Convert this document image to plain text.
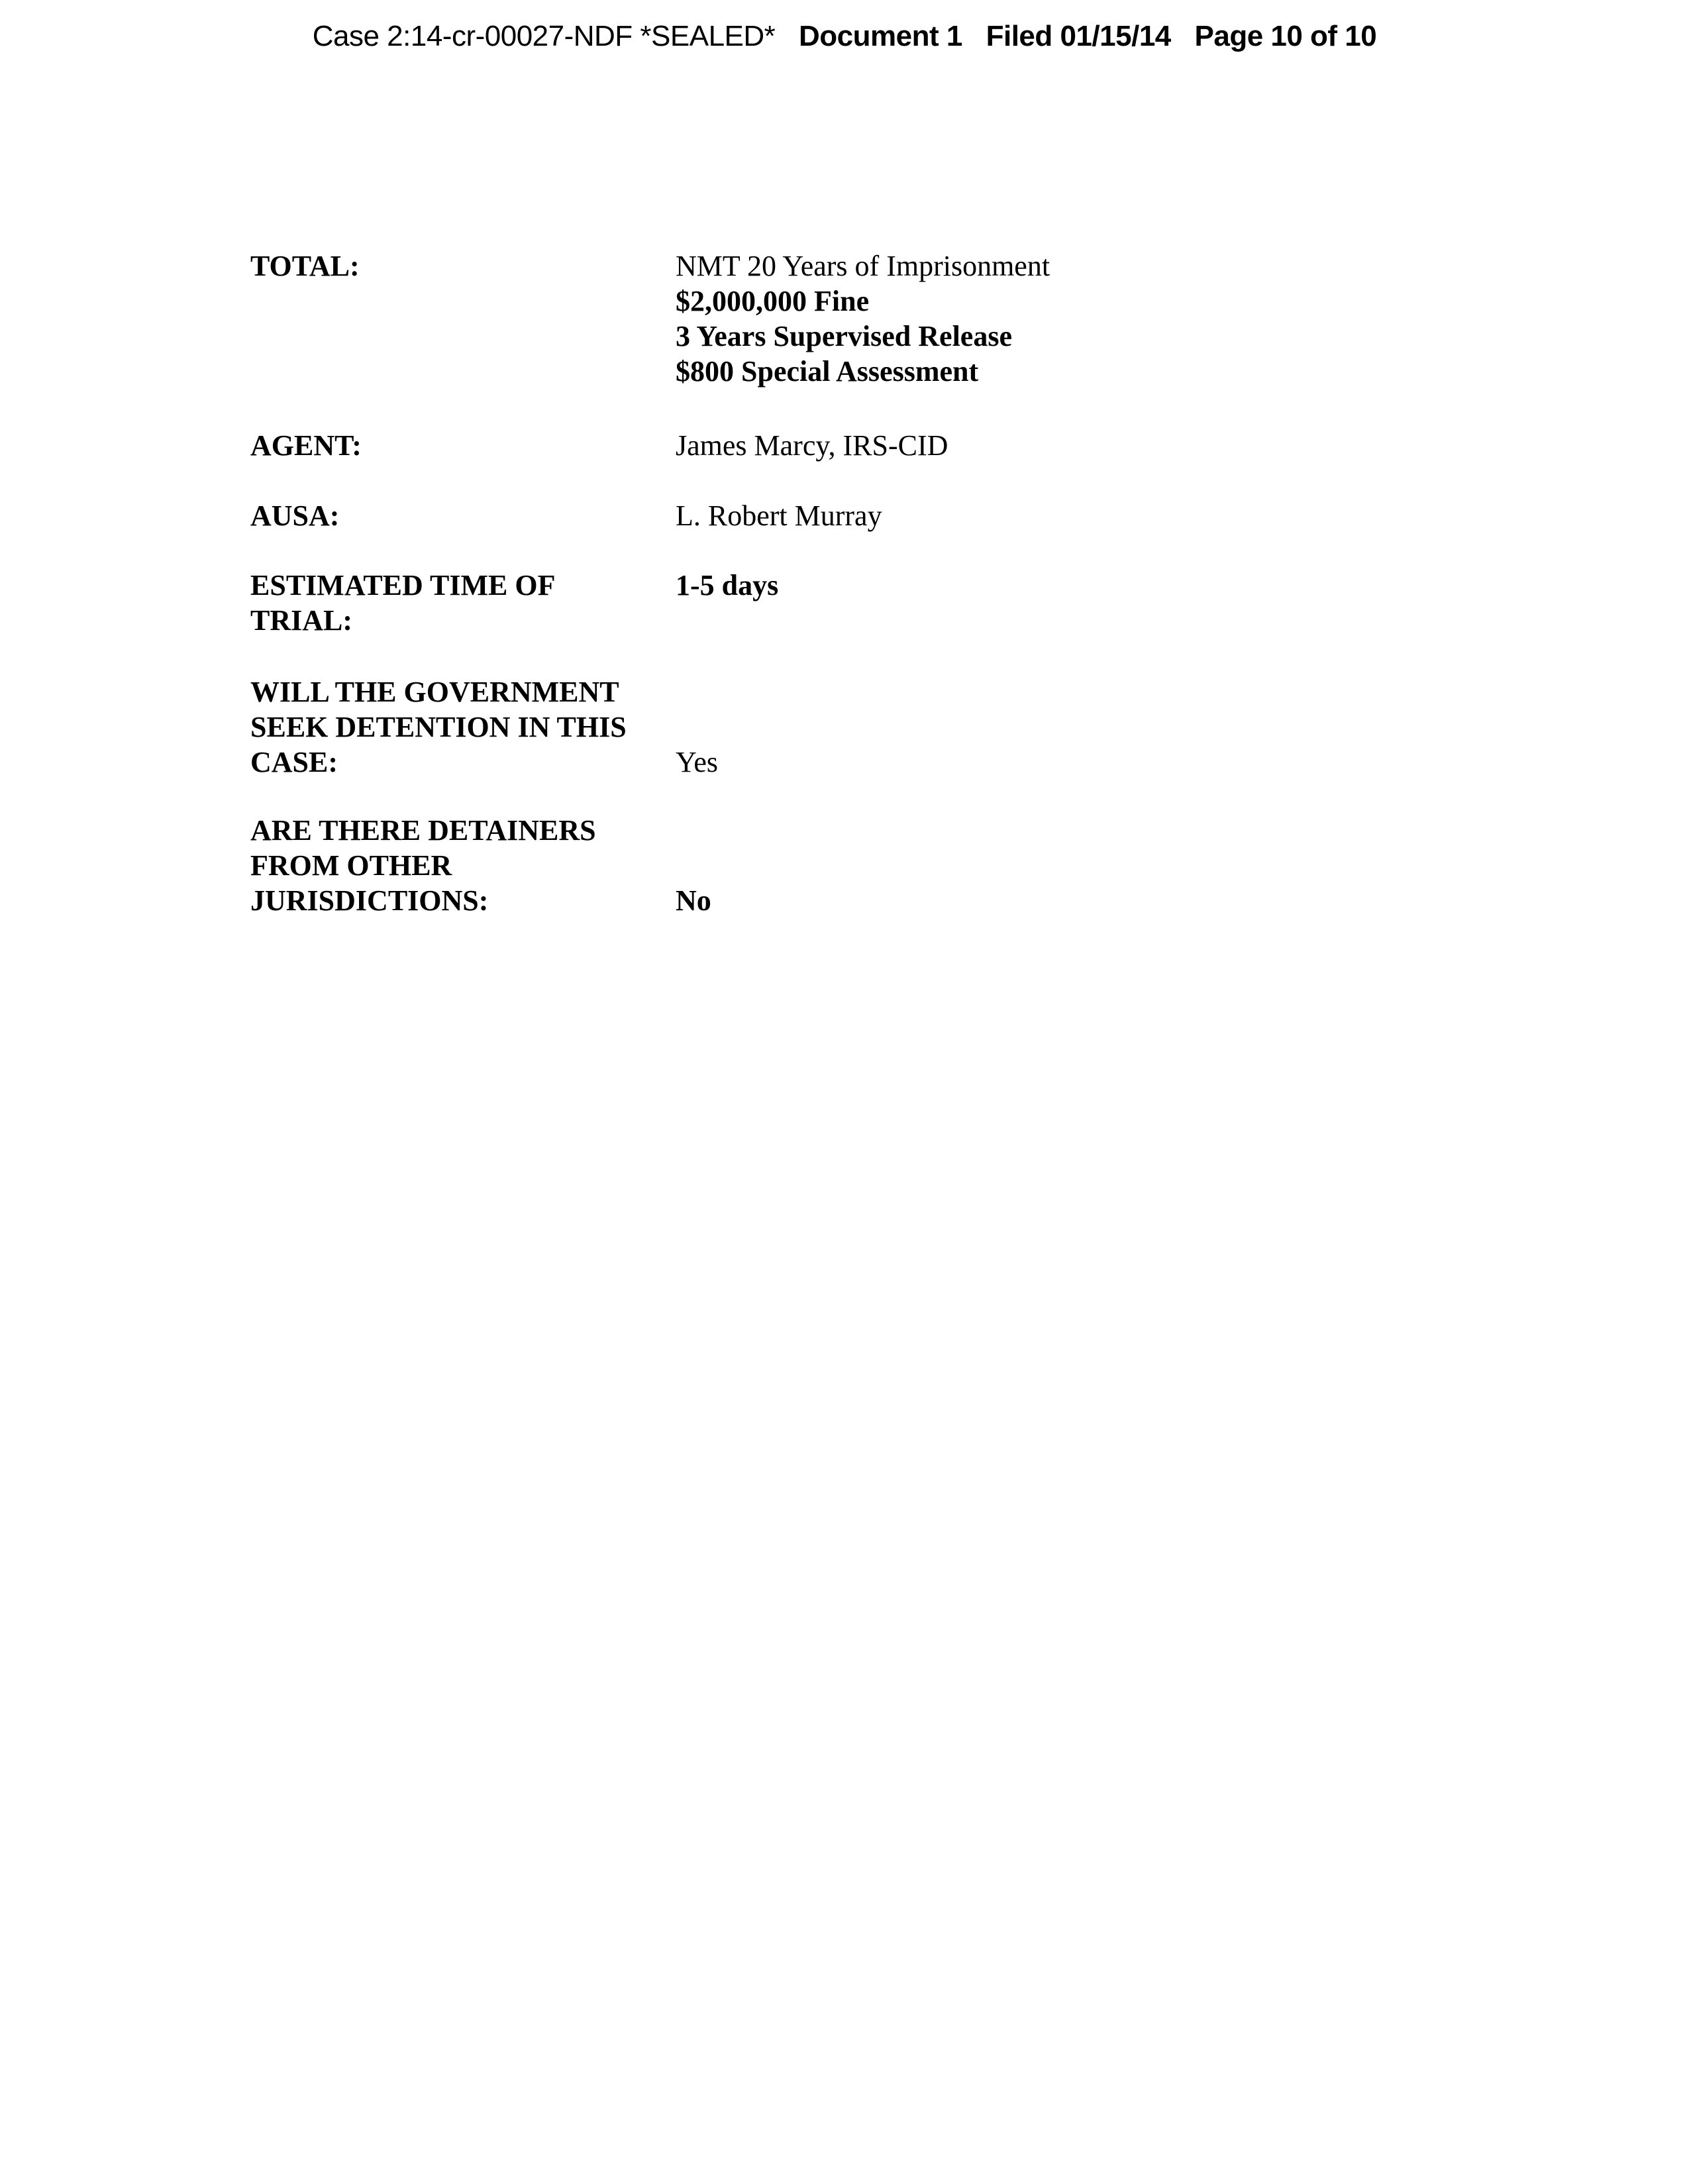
Case 2:14-cr-00027-NDF *SEALED* Document 1 Filed 01/15/14 Page 10 of 10
TOTAL:	NMT 20 Years of Imprisonment
$2,000,000 Fine
3 Years Supervised Release
$800 Special Assessment
AGENT:	James Marcy, IRS-CID
AUSA:	L. Robert Murray
ESTIMATED TIME OF
TRIAL:
1-5 days
WILL THE GOVERNMENT
SEEK DETENTION IN THIS
CASE:	Yes
ARE THERE DETAINERS
FROM OTHER
JURISDICTIONS:	No
